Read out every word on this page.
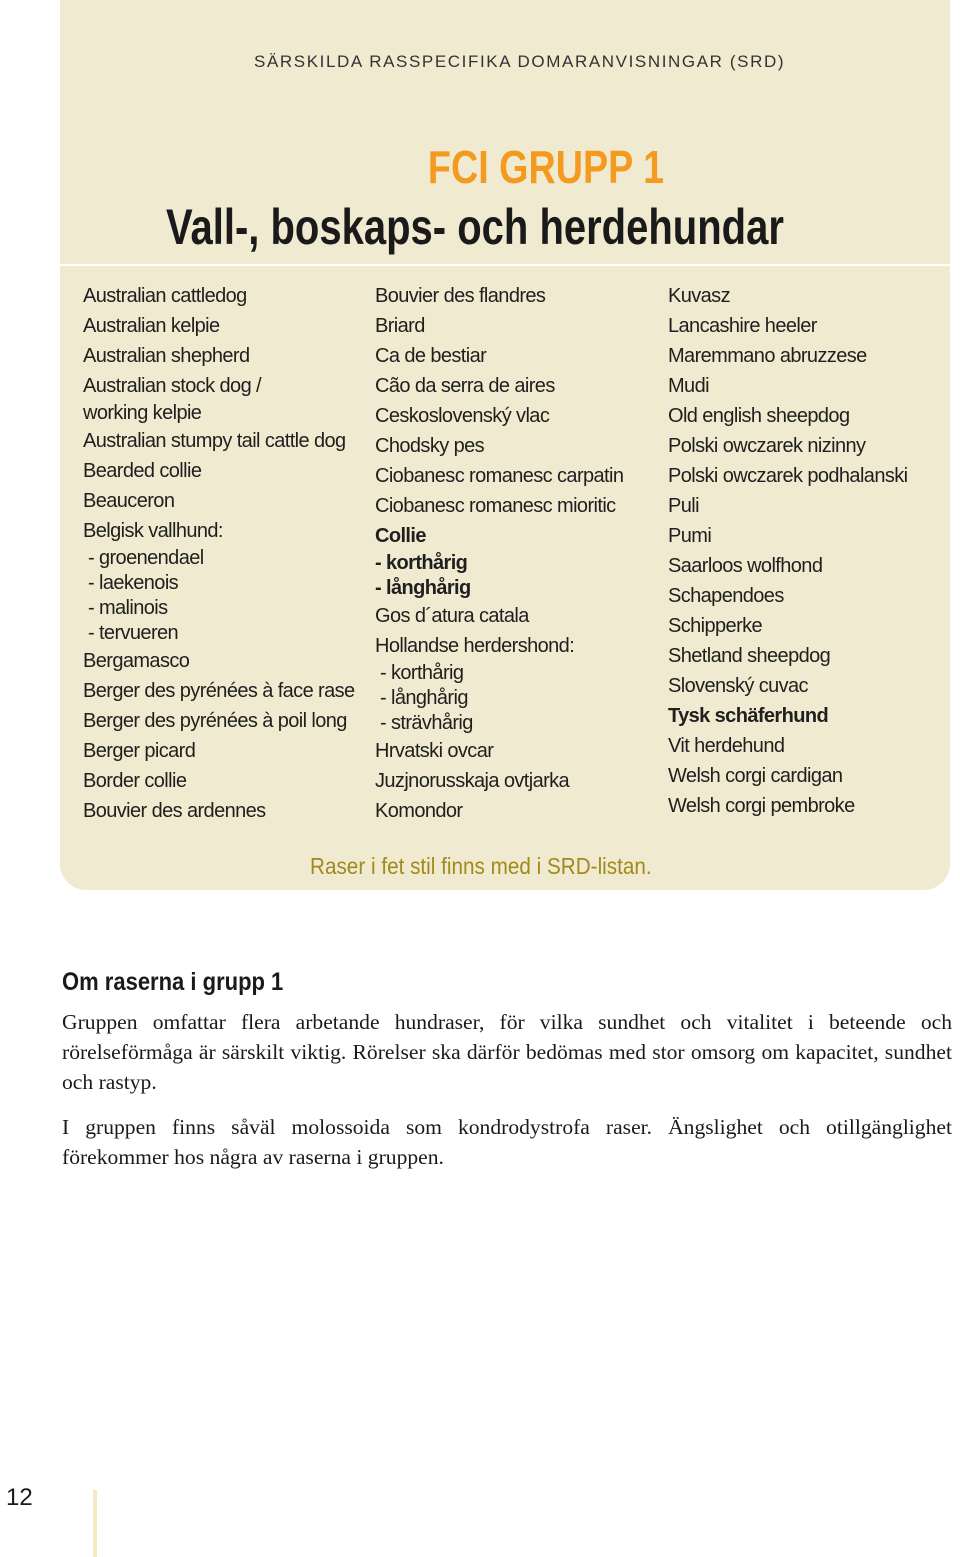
SÄRSKILDA RASSPECIFIKA DOMARANVISNINGAR (SRD)
FCI GRUPP 1
Vall-, boskaps- och herdehundar
Australian cattledog
Australian kelpie
Australian shepherd
Australian stock dog /
working kelpie
Australian stumpy tail cattle dog
Bearded collie
Beauceron
Belgisk vallhund:
- groenendael
- laekenois
- malinois
- tervueren
Bergamasco
Berger des pyrénées à face rase
Berger des pyrénées à poil long
Berger picard
Border collie
Bouvier des ardennes
Bouvier des flandres
Briard
Ca de bestiar
Cão da serra de aires
Ceskoslovenský vlac
Chodsky pes
Ciobanesc romanesc carpatin
Ciobanesc romanesc mioritic
Collie
- korthårig
- långhårig
Gos d´atura catala
Hollandse herdershond:
- korthårig
- långhårig
- strävhårig
Hrvatski ovcar
Juzjnorusskaja ovtjarka
Komondor
Kuvasz
Lancashire heeler
Maremmano abruzzese
Mudi
Old english sheepdog
Polski owczarek nizinny
Polski owczarek podhalanski
Puli
Pumi
Saarloos wolfhond
Schapendoes
Schipperke
Shetland sheepdog
Slovenský cuvac
Tysk schäferhund
Vit herdehund
Welsh corgi cardigan
Welsh corgi pembroke
Raser i fet stil finns med i SRD-listan.
Om raserna i grupp 1
Gruppen omfattar flera arbetande hundraser, för vilka sundhet och vitalitet i beteende och rörelseförmåga är särskilt viktig. Rörelser ska därför bedömas med stor omsorg om kapacitet, sundhet och rastyp.
I gruppen finns såväl molossoida som kondrodystrofa raser. Ängslighet och otillgänglighet förekommer hos några av raserna i gruppen.
12
